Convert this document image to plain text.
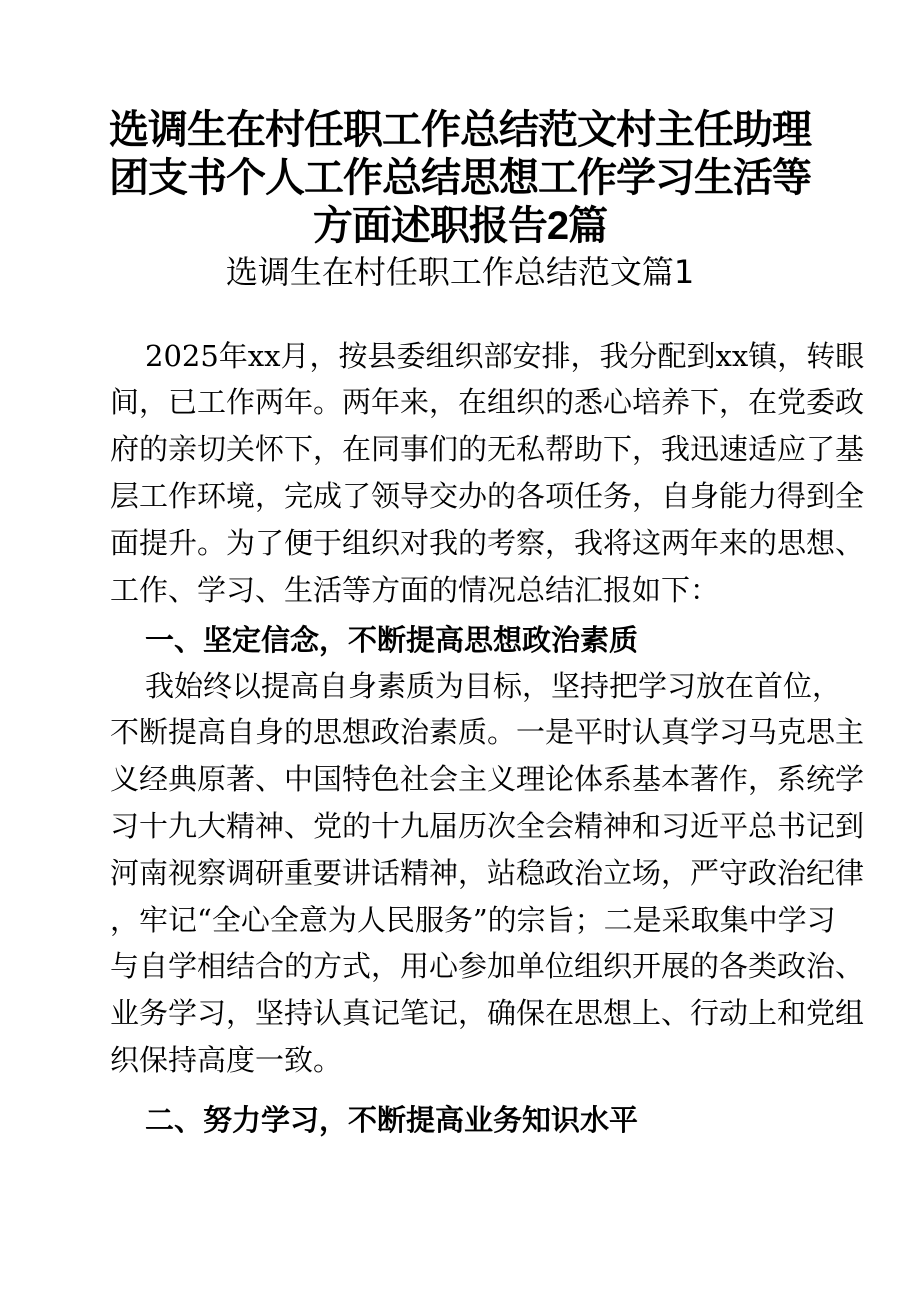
选调生在村任职工作总结范文村主任助理
团支书个人工作总结思想工作学习生活等
方面述职报告2篇
选调生在村任职工作总结范文篇1
2025年xx月，按县委组织部安排，我分配到xx镇，转眼
间，已工作两年。两年来，在组织的悉心培养下，在党委政
府的亲切关怀下，在同事们的无私帮助下，我迅速适应了基
层工作环境，完成了领导交办的各项任务，自身能力得到全
面提升。为了便于组织对我的考察，我将这两年来的思想、
工作、学习、生活等方面的情况总结汇报如下：
一、坚定信念，不断提高思想政治素质
我始终以提高自身素质为目标，坚持把学习放在首位，
不断提高自身的思想政治素质。一是平时认真学习马克思主
义经典原著、中国特色社会主义理论体系基本著作，系统学
习十九大精神、党的十九届历次全会精神和习近平总书记到
河南视察调研重要讲话精神，站稳政治立场，严守政治纪律
，牢记“全心全意为人民服务”的宗旨；二是采取集中学习
与自学相结合的方式，用心参加单位组织开展的各类政治、
业务学习，坚持认真记笔记，确保在思想上、行动上和党组
织保持高度一致。
二、努力学习，不断提高业务知识水平
